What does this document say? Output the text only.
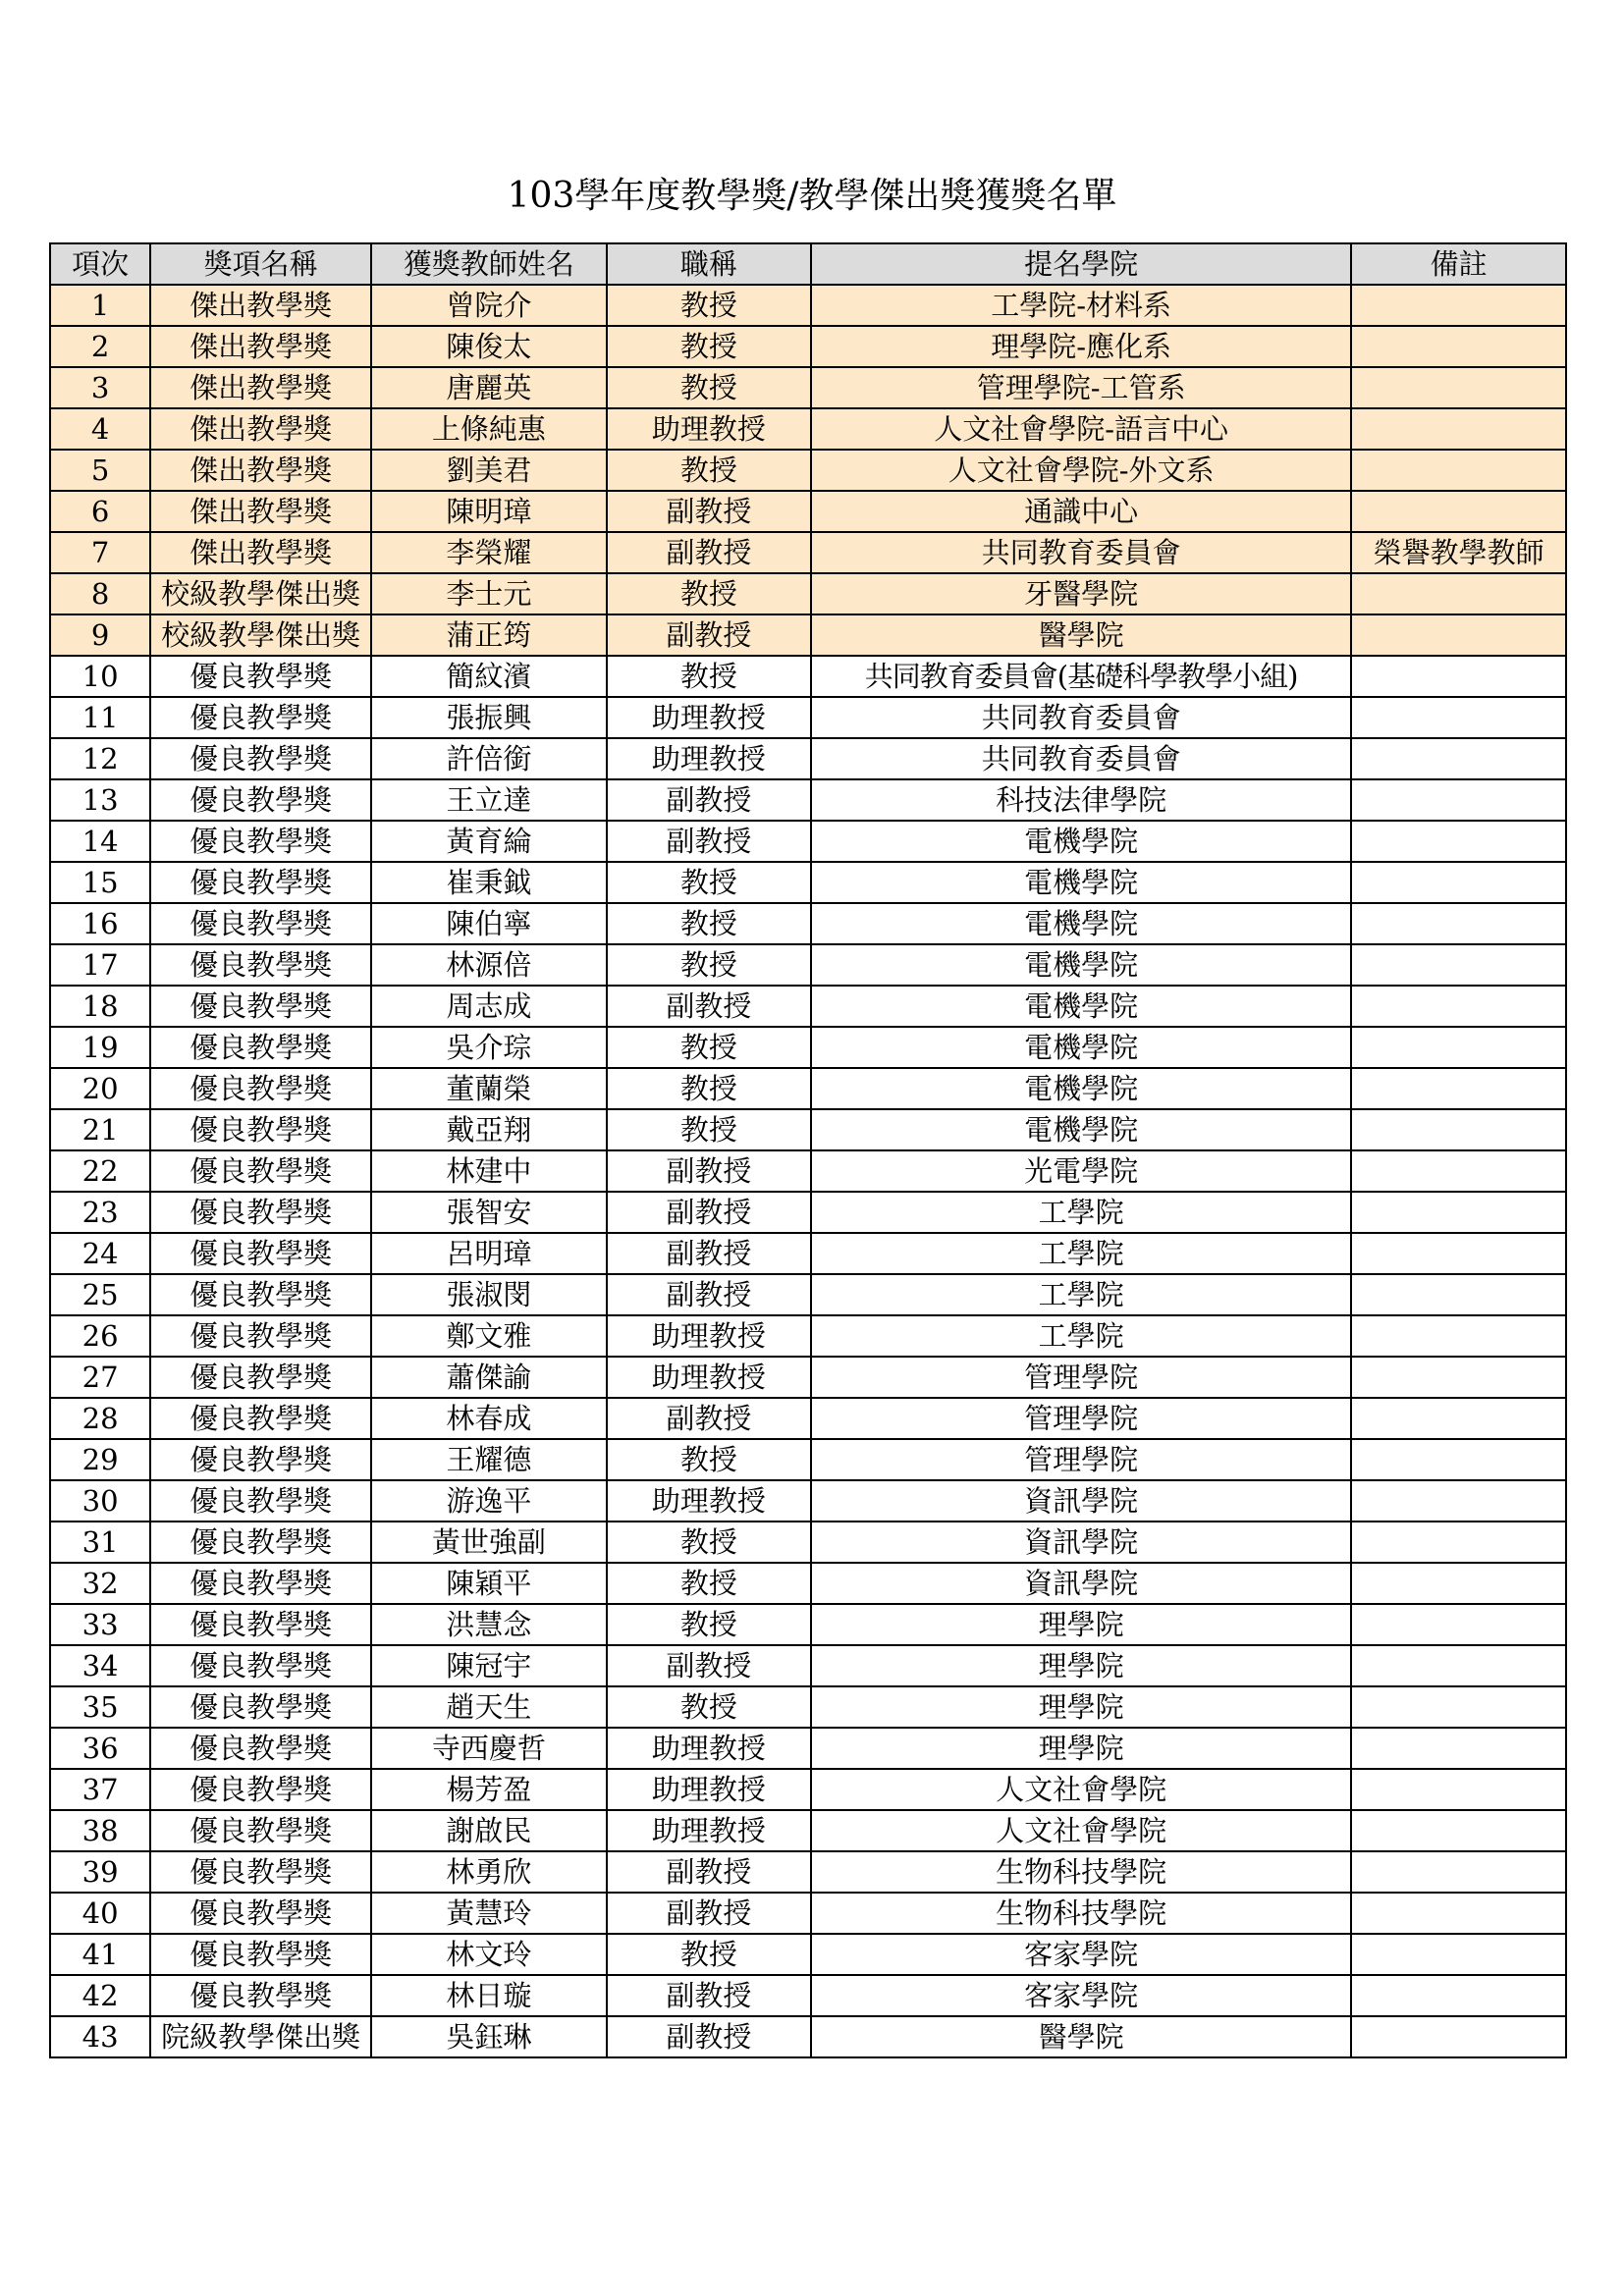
103學年度教學獎/教學傑出獎獲獎名單
項次	獎項名稱	獲獎教師姓名	職稱	提名學院	備註
1	傑出教學獎	曾院介	教授	工學院-材料系	
2	傑出教學獎	陳俊太	教授	理學院-應化系	
3	傑出教學獎	唐麗英	教授	管理學院-工管系	
4	傑出教學獎	上條純惠	助理教授	人文社會學院-語言中心	
5	傑出教學獎	劉美君	教授	人文社會學院-外文系	
6	傑出教學獎	陳明璋	副教授	通識中心	
7	傑出教學獎	李榮耀	副教授	共同教育委員會	榮譽教學教師
8	校級教學傑出獎	李士元	教授	牙醫學院	
9	校級教學傑出獎	蒲正筠	副教授	醫學院	
10	優良教學獎	簡紋濱	教授	共同教育委員會(基礎科學教學小組)	
11	優良教學獎	張振興	助理教授	共同教育委員會	
12	優良教學獎	許倍銜	助理教授	共同教育委員會	
13	優良教學獎	王立達	副教授	科技法律學院	
14	優良教學獎	黃育綸	副教授	電機學院	
15	優良教學獎	崔秉鉞	教授	電機學院	
16	優良教學獎	陳伯寧	教授	電機學院	
17	優良教學獎	林源倍	教授	電機學院	
18	優良教學獎	周志成	副教授	電機學院	
19	優良教學獎	吳介琮	教授	電機學院	
20	優良教學獎	董蘭榮	教授	電機學院	
21	優良教學獎	戴亞翔	教授	電機學院	
22	優良教學獎	林建中	副教授	光電學院	
23	優良教學獎	張智安	副教授	工學院	
24	優良教學獎	呂明璋	副教授	工學院	
25	優良教學獎	張淑閔	副教授	工學院	
26	優良教學獎	鄭文雅	助理教授	工學院	
27	優良教學獎	蕭傑諭	助理教授	管理學院	
28	優良教學獎	林春成	副教授	管理學院	
29	優良教學獎	王耀德	教授	管理學院	
30	優良教學獎	游逸平	助理教授	資訊學院	
31	優良教學獎	黃世強副	教授	資訊學院	
32	優良教學獎	陳穎平	教授	資訊學院	
33	優良教學獎	洪慧念	教授	理學院	
34	優良教學獎	陳冠宇	副教授	理學院	
35	優良教學獎	趙天生	教授	理學院	
36	優良教學獎	寺西慶哲	助理教授	理學院	
37	優良教學獎	楊芳盈	助理教授	人文社會學院	
38	優良教學獎	謝啟民	助理教授	人文社會學院	
39	優良教學獎	林勇欣	副教授	生物科技學院	
40	優良教學獎	黃慧玲	副教授	生物科技學院	
41	優良教學獎	林文玲	教授	客家學院	
42	優良教學獎	林日璇	副教授	客家學院	
43	院級教學傑出獎	吳鈺琳	副教授	醫學院	
